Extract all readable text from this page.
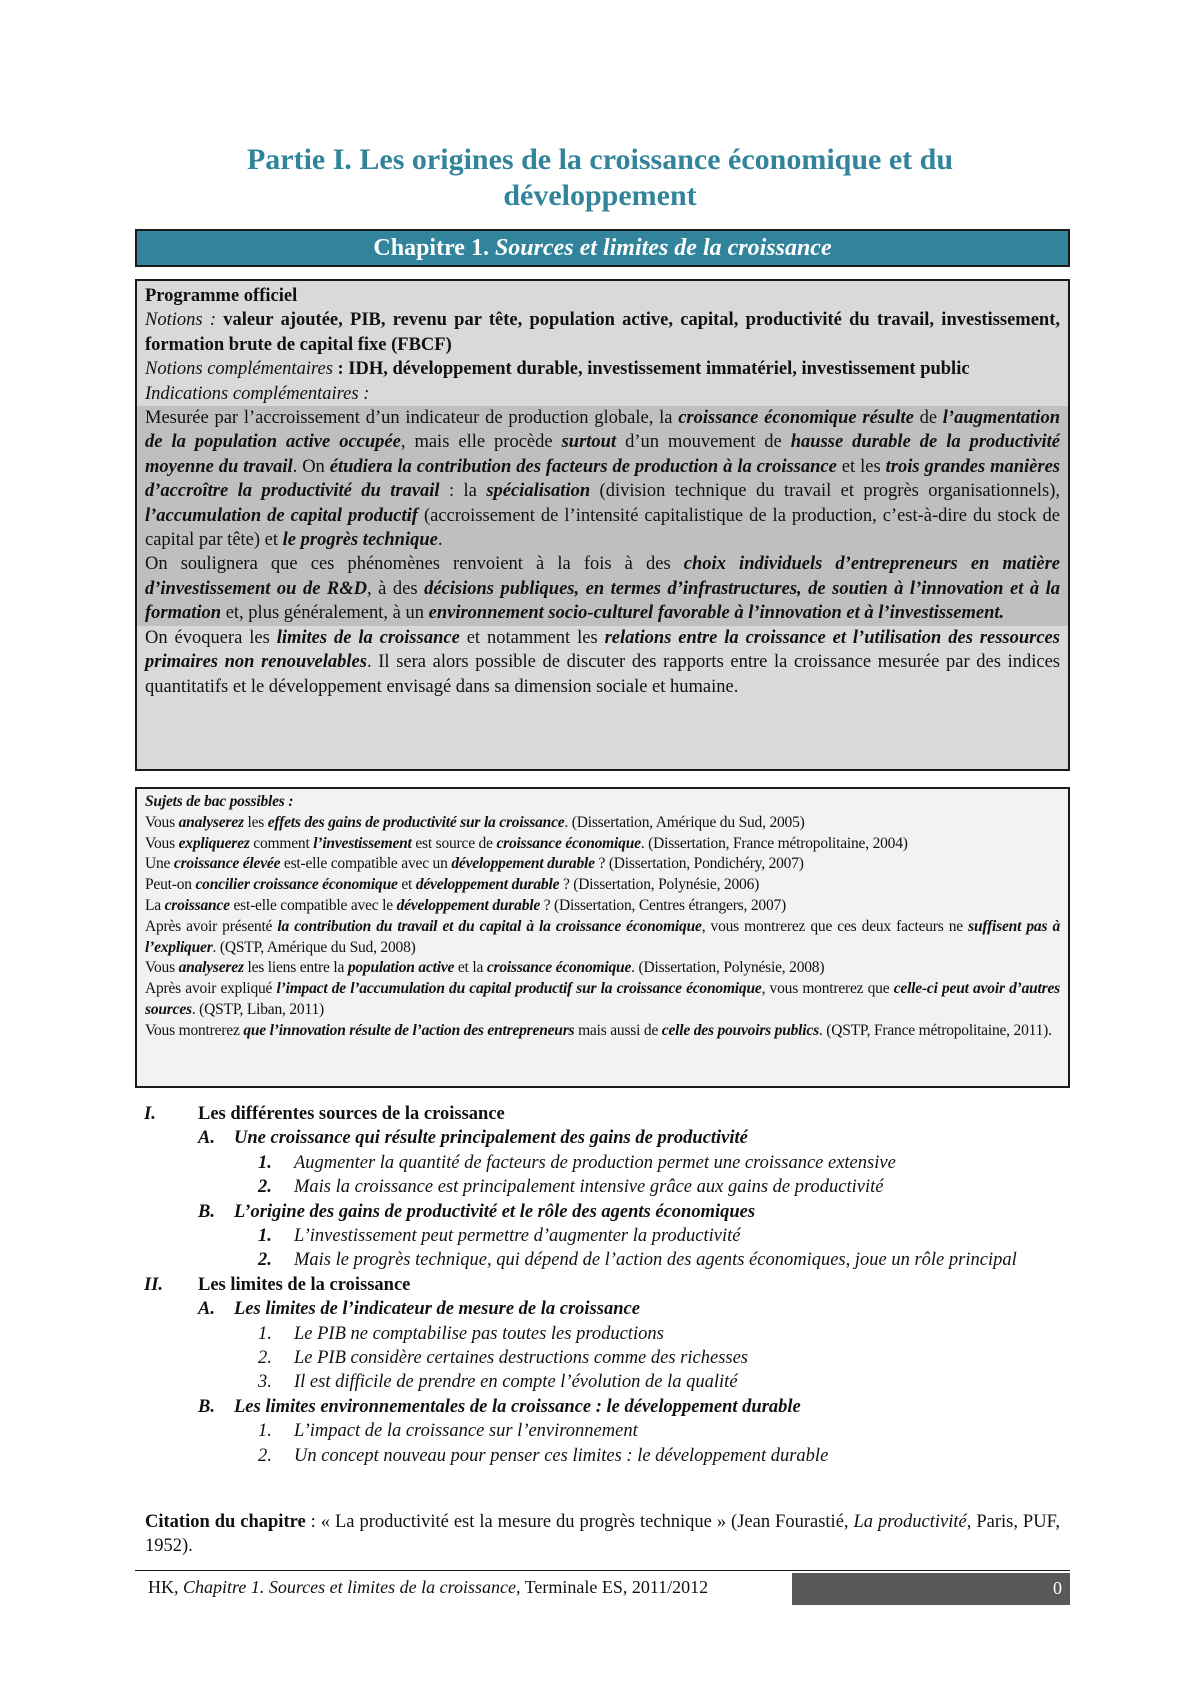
Partie I. Les origines de la croissance économique et du développement
Chapitre 1. Sources et limites de la croissance

Programme officiel

Notions : valeur ajoutée, PIB, revenu par tête, population active, capital, productivité du travail, investissement, formation brute de capital fixe (FBCF)

Notions complémentaires : IDH, développement durable, investissement immatériel, investissement public

Indications complémentaires :

Mesurée par l’accroissement d’un indicateur de production globale, la croissance économique résulte de l’augmentation de la population active occupée, mais elle procède surtout d’un mouvement de hausse durable de la productivité moyenne du travail. On étudiera la contribution des facteurs de production à la croissance et les trois grandes manières d’accroître la productivité du travail : la spécialisation (division technique du travail et progrès organisationnels), l’accumulation de capital productif (accroissement de l’intensité capitalistique de la production, c’est-à-dire du stock de capital par tête) et le progrès technique.

On soulignera que ces phénomènes renvoient à la fois à des choix individuels d’entrepreneurs en matière d’investissement ou de R&D, à des décisions publiques, en termes d’infrastructures, de soutien à l’innovation et à la formation et, plus généralement, à un environnement socio-culturel favorable à l’innovation et à l’investissement.

On évoquera les limites de la croissance et notamment les relations entre la croissance et l’utilisation des ressources primaires non renouvelables. Il sera alors possible de discuter des rapports entre la croissance mesurée par des indices quantitatifs et le développement envisagé dans sa dimension sociale et humaine.

Sujets de bac possibles :

Vous analyserez les effets des gains de productivité sur la croissance. (Dissertation, Amérique du Sud, 2005)

Vous expliquerez comment l’investissement est source de croissance économique. (Dissertation, France métropolitaine, 2004)

Une croissance élevée est-elle compatible avec un développement durable ? (Dissertation, Pondichéry, 2007)

Peut-on concilier croissance économique et développement durable ? (Dissertation, Polynésie, 2006)

La croissance est-elle compatible avec le développement durable ? (Dissertation, Centres étrangers, 2007)

Après avoir présenté la contribution du travail et du capital à la croissance économique, vous montrerez que ces deux facteurs ne suffisent pas à l’expliquer. (QSTP, Amérique du Sud, 2008)

Vous analyserez les liens entre la population active et la croissance économique. (Dissertation, Polynésie, 2008)

Après avoir expliqué l’impact de l’accumulation du capital productif sur la croissance économique, vous montrerez que celle-ci peut avoir d’autres sources. (QSTP, Liban, 2011)

Vous montrerez que l’innovation résulte de l’action des entrepreneurs mais aussi de celle des pouvoirs publics. (QSTP, France métropolitaine, 2011).

I. Les différentes sources de la croissance
A. Une croissance qui résulte principalement des gains de productivité
1. Augmenter la quantité de facteurs de production permet une croissance extensive
2. Mais la croissance est principalement intensive grâce aux gains de productivité
B. L’origine des gains de productivité et le rôle des agents économiques
1. L’investissement peut permettre d’augmenter la productivité
2. Mais le progrès technique, qui dépend de l’action des agents économiques, joue un rôle principal
II. Les limites de la croissance
A. Les limites de l’indicateur de mesure de la croissance
1. Le PIB ne comptabilise pas toutes les productions
2. Le PIB considère certaines destructions comme des richesses
3. Il est difficile de prendre en compte l’évolution de la qualité
B. Les limites environnementales de la croissance : le développement durable
1. L’impact de la croissance sur l’environnement
2. Un concept nouveau pour penser ces limites : le développement durable
Citation du chapitre : « La productivité est la mesure du progrès technique » (Jean Fourastié, La productivité, Paris, PUF, 1952).
HK, Chapitre 1. Sources et limites de la croissance, Terminale ES, 2011/2012	0
